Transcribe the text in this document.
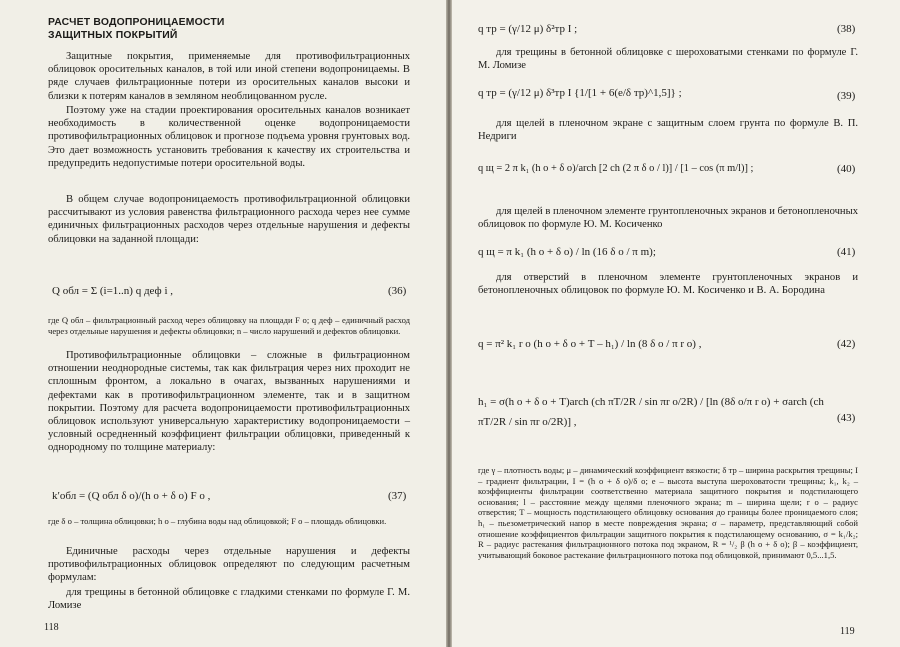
РАСЧЕТ ВОДОПРОНИЦАЕМОСТИ
ЗАЩИТНЫХ ПОКРЫТИЙ

Защитные покрытия, применяемые для противофильтрационных облицовок оросительных каналов, в той или иной степени водопроницаемы. В ряде случаев фильтрационные потери из оросительных каналов высоки и близки к потерям каналов в земляном необлицованном русле.

Поэтому уже на стадии проектирования оросительных каналов возникает необходимость в количественной оценке водопроницаемости противофильтрационных облицовок и прогнозе подъема уровня грунтовых вод. Это дает возможность установить требования к качеству их строительства и предупредить недопустимые потери оросительной воды.

В общем случае водопроницаемость противофильтрационной облицовки рассчитывают из условия равенства фильтрационного расхода через нее сумме единичных фильтрационных расходов через отдельные нарушения и дефекты облицовки на заданной площади:

Q обл = Σ (i=1..n) q деф i ,	(36)

где Q обл – фильтрационный расход через облицовку на площади F о; q деф – единичный расход через отдельные нарушения и дефекты облицовки; n – число нарушений и дефектов облицовки.

Противофильтрационные облицовки – сложные в фильтрационном отношении неоднородные системы, так как фильтрация через них проходит не сплошным фронтом, а локально в очагах, вызванных нарушениями и дефектами как в противофильтрационном элементе, так и в защитном покрытии. Поэтому для расчета водопроницаемости противофильтрационных облицовок используют универсальную характеристику водопроницаемости – условный осредненный коэффициент фильтрации облицовки, приведенный к однородному по толщине материалу:

k′обл = (Q обл δ о)/(h о + δ о) F о ,	(37)

где δ о – толщина облицовки; h о – глубина воды над облицовкой; F о – площадь облицовки.

Единичные расходы через отдельные нарушения и дефекты противофильтрационных облицовок определяют по следующим расчетным формулам:

для трещины в бетонной облицовке с гладкими стенками по формуле Г. М. Ломизе

118
q тр = (γ/12 μ) δ²тр I ;	(38)

для трещины в бетонной облицовке с шероховатыми стенками по формуле Г. М. Ломизе

q тр = (γ/12 μ) δ³тр I {1/[1 + 6(e/δ тр)^1,5]} ;	(39)

для щелей в пленочном экране с защитным слоем грунта по формуле В. П. Недриги

q щ = 2 π k₁ (h о + δ о)/arch [2 ch (2 π δ о / l)] / [1 – cos (π m/l)] ;	(40)

для щелей в пленочном элементе грунтопленочных экранов и бетонопленочных облицовок по формуле Ю. М. Косиченко

q щ = π k₁ (h о + δ о) / ln (16 δ о / π m);	(41)

для отверстий в пленочном элементе грунтопленочных экранов и бетонопленочных облицовок по формуле Ю. М. Косиченко и В. А. Бородина

q = π² k₁ r о (h о + δ о + T – h₁) / ln (8 δ о / π r о) ,	(42)
h₁ = σ(h о + δ о + T)arch (ch πT/2R / sin πr о/2R) / [ln (8δ о/π r о) + σarch (ch πT/2R / sin πr о/2R)] ,	(43)

где γ – плотность воды; μ – динамический коэффициент вязкости; δ тр – ширина раскрытия трещины; I – градиент фильтрации, I = (h о + δ о)/δ о; e – высота выступа шероховатости трещины; k₁, k₂ – коэффициенты фильтрации соответственно материала защитного покрытия и подстилающего основания; l – расстояние между щелями пленочного экрана; m – ширина щели; r о – радиус отверстия; T – мощность подстилающего облицовку основания до границы более проницаемого слоя; h₁ – пьезометрический напор в месте повреждения экрана; σ – параметр, представляющий собой отношение коэффициентов фильтрации защитного покрытия к подстилающему основанию, σ = k₁/k₂; R – радиус растекания фильтрационного потока под экраном, R = ¹/₂ β (h о + δ о); β – коэффициент, учитывающий боковое растекание фильтрационного потока под облицовкой, принимают 0,5...1,5.

119
